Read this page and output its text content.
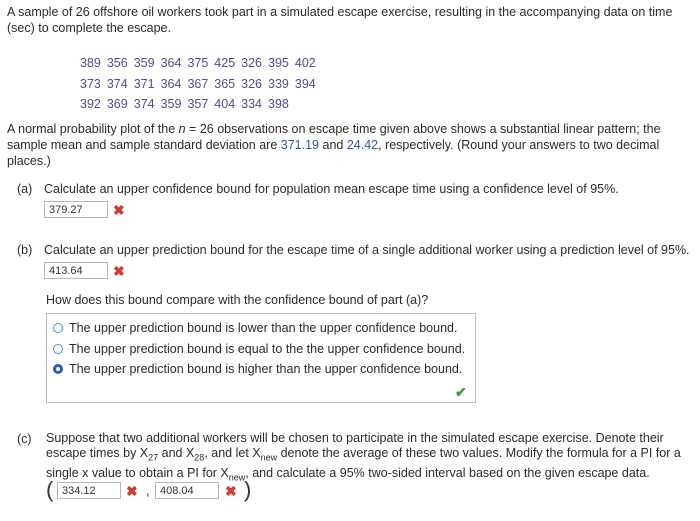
A sample of 26 offshore oil workers took part in a simulated escape exercise, resulting in the accompanying data on time (sec) to complete the escape.
389 356 359 364 375 425 326 395 402
373 374 371 364 367 365 326 339 394
392 369 374 359 357 404 334 398
A normal probability plot of the n = 26 observations on escape time given above shows a substantial linear pattern; the sample mean and sample standard deviation are 371.19 and 24.42, respectively. (Round your answers to two decimal places.)
(a) Calculate an upper confidence bound for population mean escape time using a confidence level of 95%.
379.27	✖
(b) Calculate an upper prediction bound for the escape time of a single additional worker using a prediction level of 95%.
413.64	✖
How does this bound compare with the confidence bound of part (a)?
The upper prediction bound is lower than the upper confidence bound.
The upper prediction bound is equal to the the upper confidence bound.
The upper prediction bound is higher than the upper confidence bound.
✔
(c) Suppose that two additional workers will be chosen to participate in the simulated escape exercise. Denote their
escape times by $X_{27}$ and $X_{28}$, and let $X_{new}$ denote the average of these two values. Modify the formula for a PI for a
single x value to obtain a PI for $X_{new}$, and calculate a 95% two-sided interval based on the given escape data.
( 334.12	✖ , 408.04	✖ )
